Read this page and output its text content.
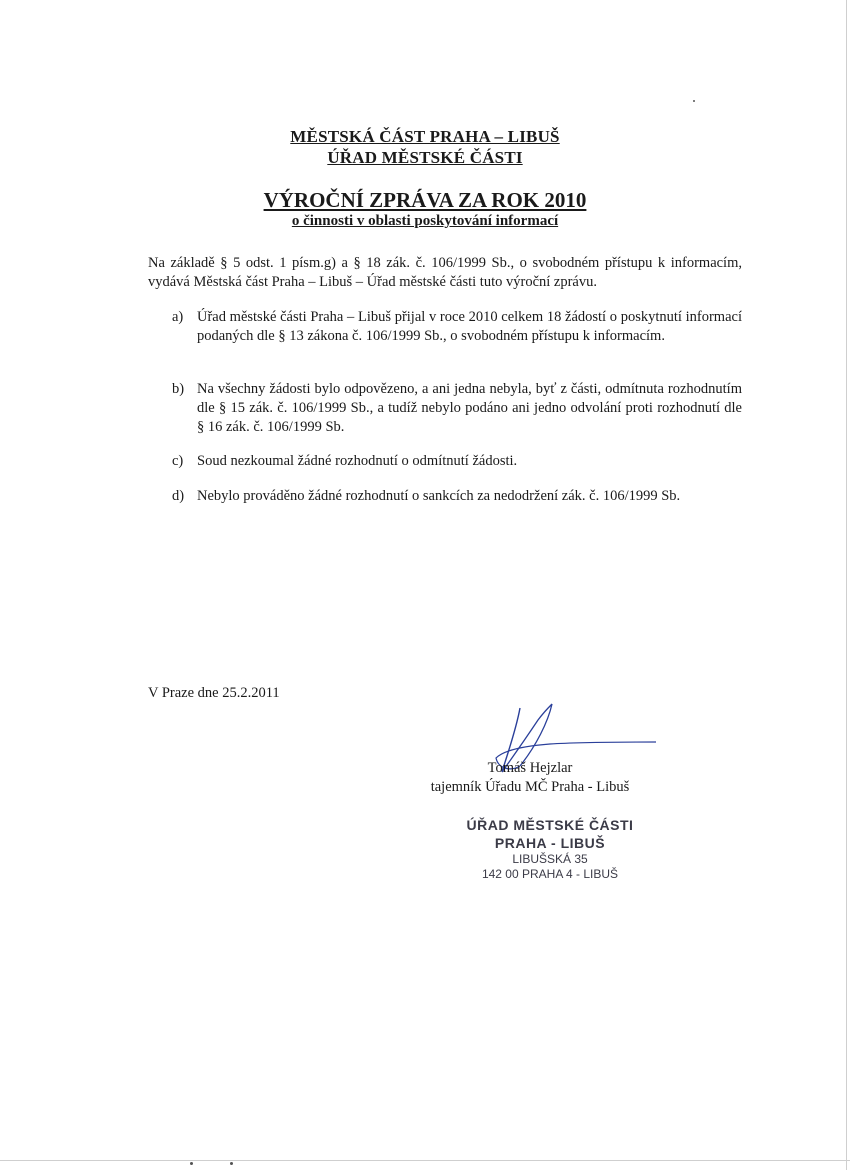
MĚSTSKÁ ČÁST PRAHA – LIBUŠ

ÚŘAD MĚSTSKÉ ČÁSTI

VÝROČNÍ ZPRÁVA ZA ROK 2010

o činnosti v oblasti poskytování informací

Na základě § 5 odst. 1 písm.g) a § 18 zák. č. 106/1999 Sb., o svobodném přístupu k informacím, vydává Městská část Praha – Libuš – Úřad městské části tuto výroční zprávu.

a) Úřad městské části Praha – Libuš přijal v roce 2010 celkem 18 žádostí o poskytnutí informací podaných dle § 13 zákona č. 106/1999 Sb., o svobodném přístupu k informacím.
b) Na všechny žádosti bylo odpovězeno, a ani jedna nebyla, byť z části, odmítnuta rozhodnutím dle § 15 zák. č. 106/1999 Sb., a tudíž nebylo podáno ani jedno odvolání proti rozhodnutí dle § 16 zák. č. 106/1999 Sb.
c) Soud nezkoumal žádné rozhodnutí o odmítnutí žádosti.
d) Nebylo prováděno žádné rozhodnutí o sankcích za nedodržení zák. č. 106/1999 Sb.
V Praze dne 25.2.2011
Tomáš Hejzlar
tajemník Úřadu MČ Praha - Libuš
ÚŘAD MĚSTSKÉ ČÁSTI
PRAHA - LIBUŠ
LIBUŠSKÁ 35
142 00 PRAHA 4 - LIBUŠ
